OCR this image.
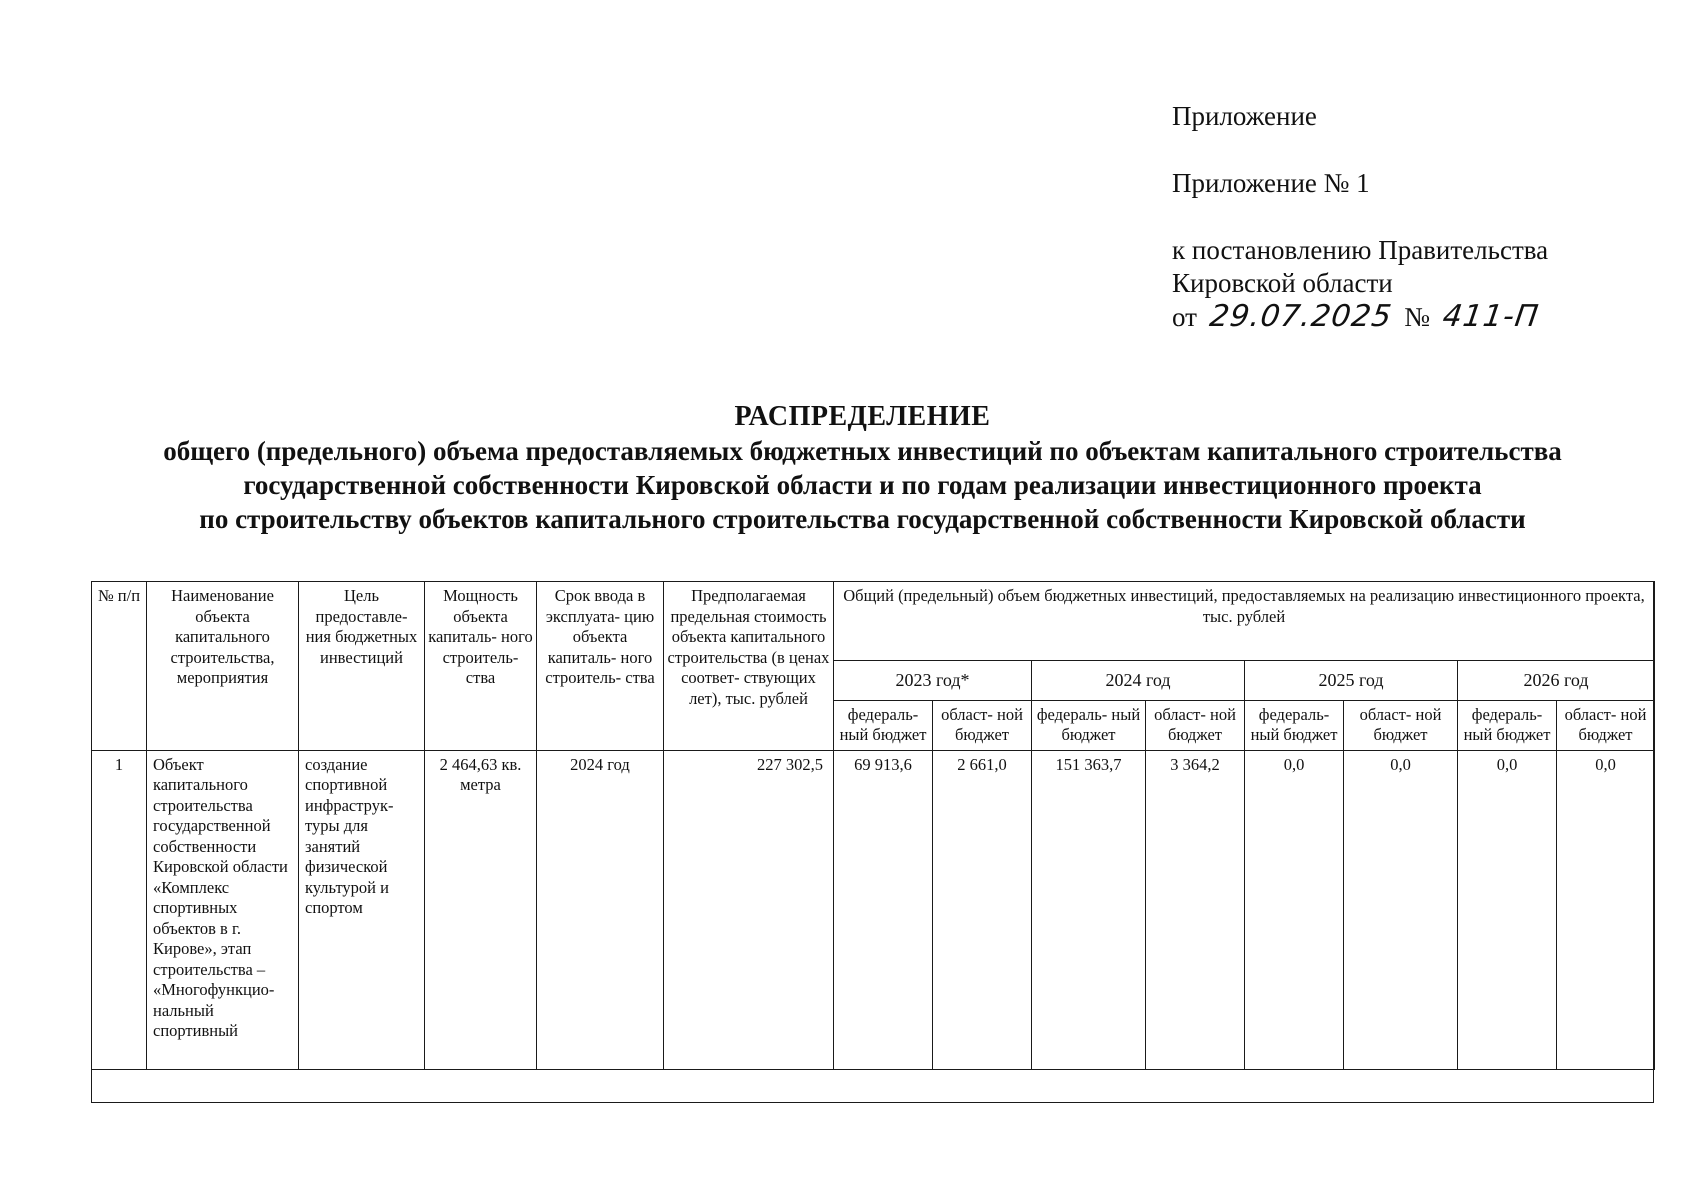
Приложение
Приложение № 1
к постановлению Правительства
Кировской области
от 29.07.2025 № 411-П
РАСПРЕДЕЛЕНИЕ
общего (предельного) объема предоставляемых бюджетных инвестиций по объектам капитального строительства
государственной собственности Кировской области и по годам реализации инвестиционного проекта
по строительству объектов капитального строительства государственной собственности Кировской области
№ п/п	Наименование объекта капитального строительства, мероприятия	Цель предоставле- ния бюджетных инвестиций	Мощность объекта капиталь- ного строитель- ства	Срок ввода в эксплуата- цию объекта капиталь- ного строитель- ства	Предполагаемая предельная стоимость объекта капитального строительства (в ценах соответ- ствующих лет), тыс. рублей	Общий (предельный) объем бюджетных инвестиций, предоставляемых на реализацию инвестиционного проекта, тыс. рублей							
						2023 год*		2024 год		2025 год		2026 год	
						федераль- ный бюджет	област- ной бюджет	федераль- ный бюджет	област- ной бюджет	федераль- ный бюджет	област- ной бюджет	федераль- ный бюджет	област- ной бюджет
1	Объект капитального строительства государственной собственности Кировской области «Комплекс спортивных объектов в г. Кирове», этап строительства – «Многофункцио- нальный спортивный	создание спортивной инфраструк- туры для занятий физической культурой и спортом	2 464,63 кв. метра	2024 год	227 302,5	69 913,6	2 661,0	151 363,7	3 364,2	0,0	0,0	0,0	0,0
